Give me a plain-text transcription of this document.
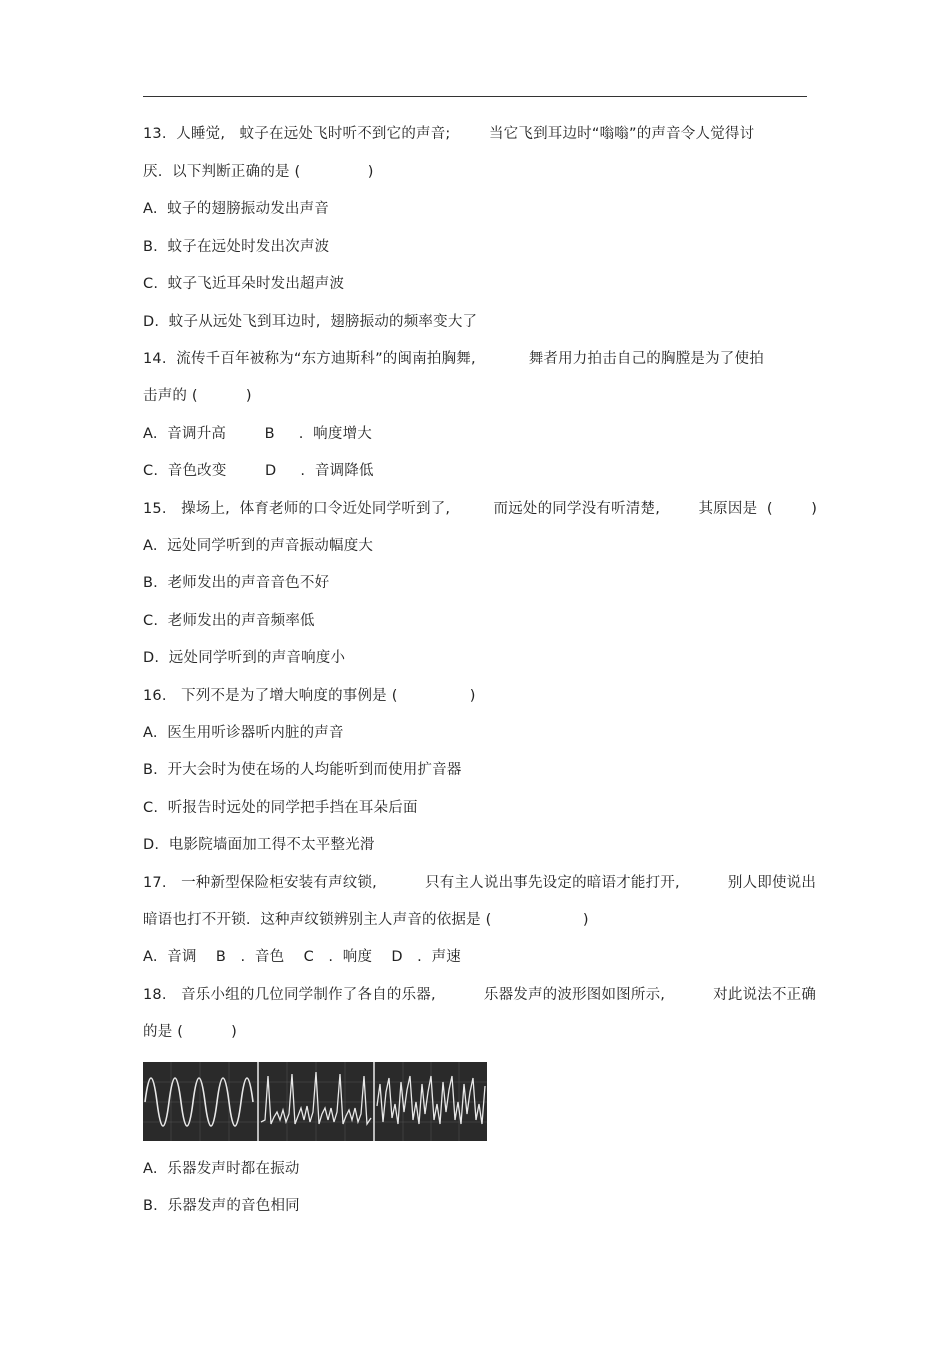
13.  人睡觉,   蚊子在远处飞时听不到它的声音;        当它飞到耳边时“嗡嗡”的声音令人觉得讨
厌.  以下判断正确的是 (              )
A.  蚊子的翅膀振动发出声音
B.  蚊子在远处时发出次声波
C.  蚊子飞近耳朵时发出超声波
D.  蚊子从远处飞到耳边时,  翅膀振动的频率变大了
14.  流传千百年被称为“东方迪斯科”的闽南拍胸舞,           舞者用力拍击自己的胸膛是为了使拍
击声的 (          )
A.  音调升高        B     .  响度增大
C.  音色改变        D     .  音调降低
15.   操场上,  体育老师的口令近处同学听到了,         而远处的同学没有听清楚,        其原因是  (        )
A.  远处同学听到的声音振动幅度大
B.  老师发出的声音音色不好
C.  老师发出的声音频率低
D.  远处同学听到的声音响度小
16.   下列不是为了增大响度的事例是 (               )
A.  医生用听诊器听内脏的声音
B.  开大会时为使在场的人均能听到而使用扩音器
C.  听报告时远处的同学把手挡在耳朵后面
D.  电影院墙面加工得不太平整光滑
17.   一种新型保险柜安装有声纹锁,          只有主人说出事先设定的暗语才能打开,          别人即使说出
暗语也打不开锁.  这种声纹锁辨别主人声音的依据是 (                   )
A.  音调    B   .  音色    C   .  响度    D   .  声速
18.   音乐小组的几位同学制作了各自的乐器,          乐器发声的波形图如图所示,          对此说法不正确
的是 (          )
A.  乐器发声时都在振动
B.  乐器发声的音色相同
